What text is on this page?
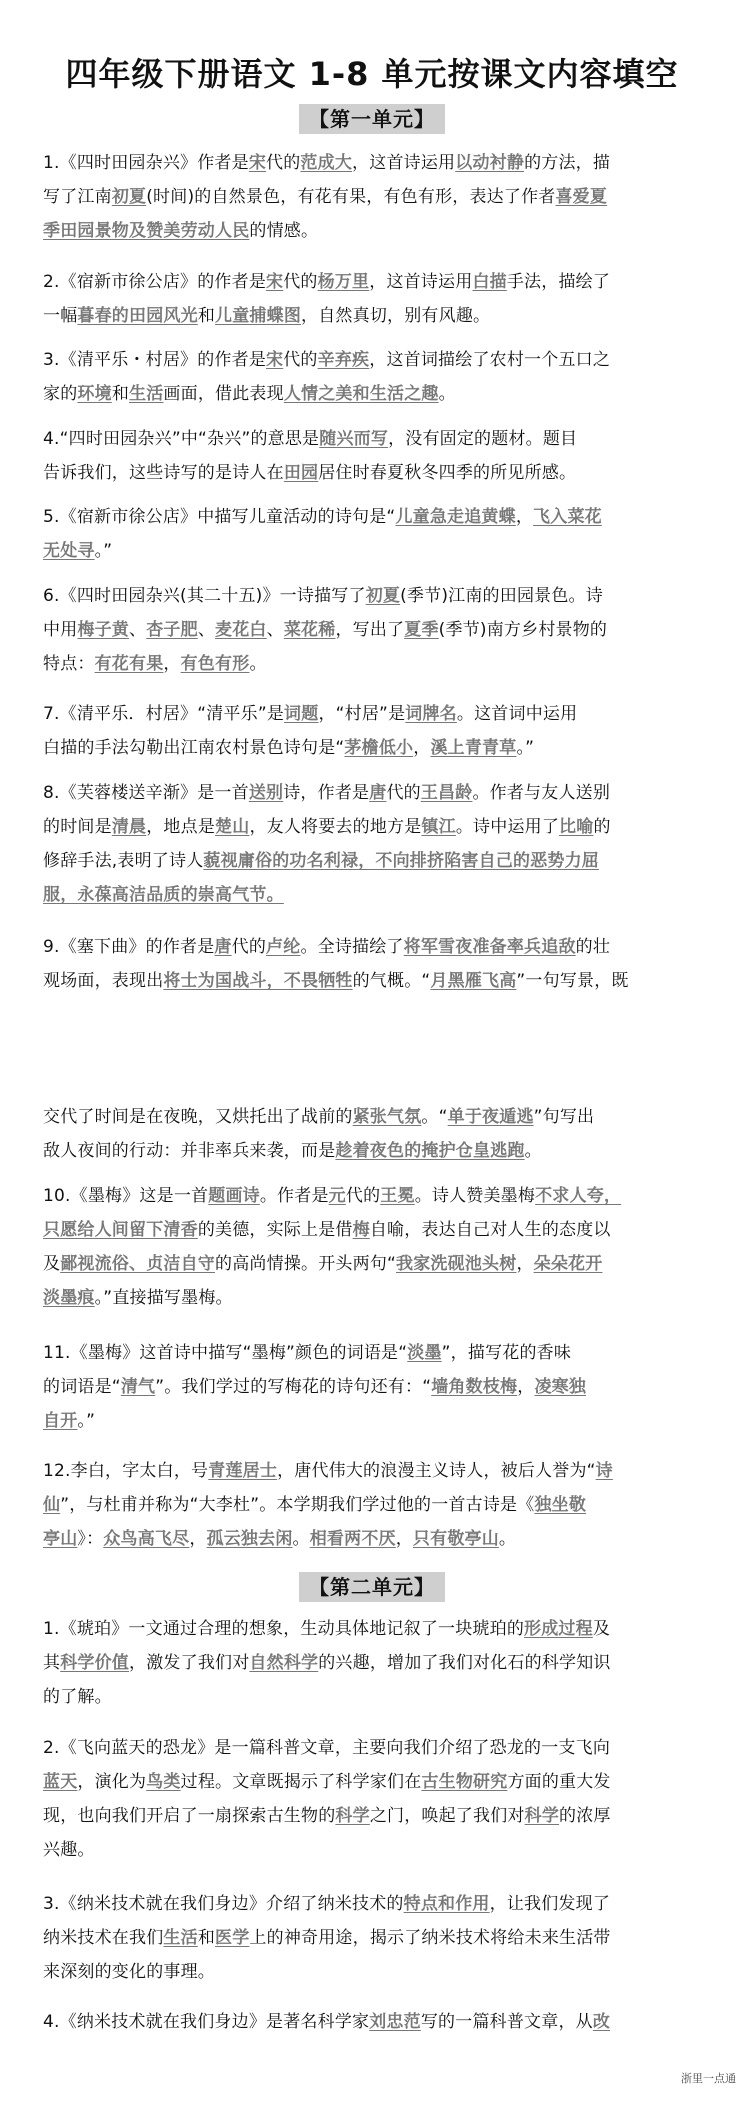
四年级下册语文 1-8 单元按课文内容填空
【第一单元】
1.《四时田园杂兴》作者是宋代的范成大，这首诗运用以动衬静的方法，描
写了江南初夏(时间)的自然景色，有花有果，有色有形，表达了作者喜爱夏
季田园景物及赞美劳动人民的情感。
2.《宿新市徐公店》的作者是宋代的杨万里，这首诗运用白描手法，描绘了
一幅暮春的田园风光和儿童捕蝶图，自然真切，别有风趣。
3.《清平乐・村居》的作者是宋代的辛弃疾，这首词描绘了农村一个五口之
家的环境和生活画面，借此表现人情之美和生活之趣。
4.“四时田园杂兴”中“杂兴”的意思是随兴而写，没有固定的题材。题目
告诉我们，这些诗写的是诗人在田园居住时春夏秋冬四季的所见所感。
5.《宿新市徐公店》中描写儿童活动的诗句是“儿童急走追黄蝶，飞入菜花
无处寻。”
6.《四时田园杂兴(其二十五)》一诗描写了初夏(季节)江南的田园景色。诗
中用梅子黄、杏子肥、麦花白、菜花稀，写出了夏季(季节)南方乡村景物的
特点：有花有果，有色有形。
7.《清平乐．村居》“清平乐”是词题，“村居”是词牌名。这首词中运用
白描的手法勾勒出江南农村景色诗句是“茅檐低小，溪上青青草。”
8.《芙蓉楼送辛渐》是一首送别诗，作者是唐代的王昌龄。作者与友人送别
的时间是清晨，地点是楚山，友人将要去的地方是镇江。诗中运用了比喻的
修辞手法,表明了诗人藐视庸俗的功名利禄，不向排挤陷害自己的恶势力屈
服，永葆高洁品质的崇高气节。
9.《塞下曲》的作者是唐代的卢纶。全诗描绘了将军雪夜准备率兵追敌的壮
观场面，表现出将士为国战斗，不畏牺牲的气概。“月黑雁飞高”一句写景，既
交代了时间是在夜晚，又烘托出了战前的紧张气氛。“单于夜遁逃”句写出
敌人夜间的行动：并非率兵来袭，而是趁着夜色的掩护仓皇逃跑。
10.《墨梅》这是一首题画诗。作者是元代的王冕。诗人赞美墨梅不求人夸，
只愿给人间留下清香的美德，实际上是借梅自喻，表达自己对人生的态度以
及鄙视流俗、贞洁自守的高尚情操。开头两句“我家洗砚池头树，朵朵花开
淡墨痕。”直接描写墨梅。
11.《墨梅》这首诗中描写“墨梅”颜色的词语是“淡墨”，描写花的香味
的词语是“清气”。我们学过的写梅花的诗句还有：“墙角数枝梅，凌寒独
自开。”
12.李白，字太白，号青莲居士，唐代伟大的浪漫主义诗人，被后人誉为“诗
仙”，与杜甫并称为“大李杜”。本学期我们学过他的一首古诗是《独坐敬
亭山》：众鸟高飞尽，孤云独去闲。相看两不厌，只有敬亭山。
【第二单元】
1.《琥珀》一文通过合理的想象，生动具体地记叙了一块琥珀的形成过程及
其科学价值，激发了我们对自然科学的兴趣，增加了我们对化石的科学知识
的了解。
2.《飞向蓝天的恐龙》是一篇科普文章，主要向我们介绍了恐龙的一支飞向
蓝天，演化为鸟类过程。文章既揭示了科学家们在古生物研究方面的重大发
现，也向我们开启了一扇探索古生物的科学之门，唤起了我们对科学的浓厚
兴趣。
3.《纳米技术就在我们身边》介绍了纳米技术的特点和作用，让我们发现了
纳米技术在我们生活和医学上的神奇用途，揭示了纳米技术将给未来生活带
来深刻的变化的事理。
4.《纳米技术就在我们身边》是著名科学家刘忠范写的一篇科普文章，从改
浙里一点通
